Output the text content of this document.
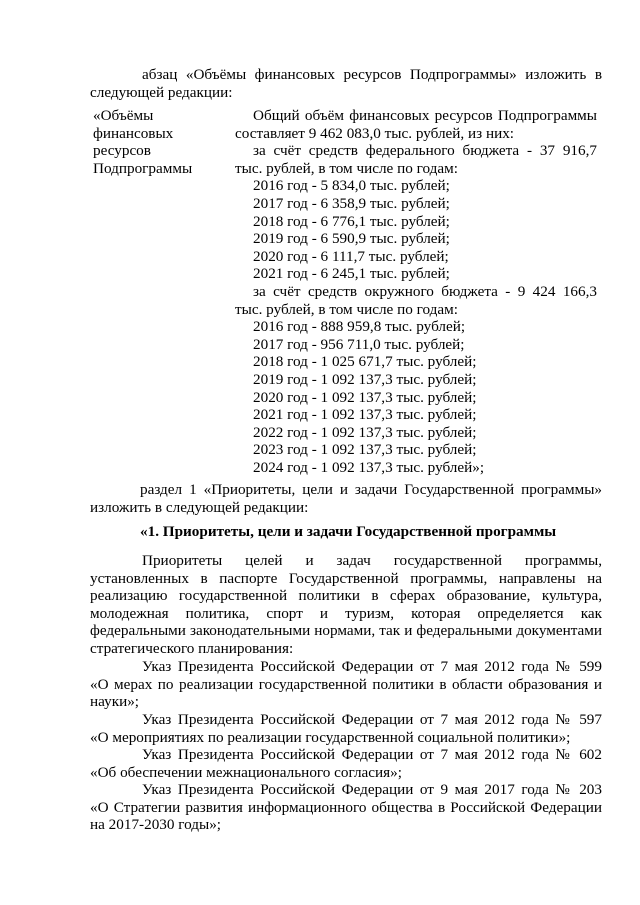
абзац «Объёмы финансовых ресурсов Подпрограммы» изложить в
следующей редакции:
«Объёмы
финансовых
ресурсов
Подпрограммы
Общий объём финансовых ресурсов Подпрограммы
составляет 9 462 083,0 тыс. рублей, из них:
за счёт средств федерального бюджета - 37 916,7
тыс. рублей, в том числе по годам:
2016 год - 5 834,0 тыс. рублей;
2017 год - 6 358,9 тыс. рублей;
2018 год - 6 776,1 тыс. рублей;
2019 год - 6 590,9 тыс. рублей;
2020 год - 6 111,7 тыс. рублей;
2021 год - 6 245,1 тыс. рублей;
за счёт средств окружного бюджета - 9 424 166,3
тыс. рублей, в том числе по годам:
2016 год - 888 959,8 тыс. рублей;
2017 год - 956 711,0 тыс. рублей;
2018 год - 1 025 671,7 тыс. рублей;
2019 год - 1 092 137,3 тыс. рублей;
2020 год - 1 092 137,3 тыс. рублей;
2021 год - 1 092 137,3 тыс. рублей;
2022 год - 1 092 137,3 тыс. рублей;
2023 год - 1 092 137,3 тыс. рублей;
2024 год - 1 092 137,3 тыс. рублей»;
раздел 1 «Приоритеты, цели и задачи Государственной программы»
изложить в следующей редакции:
«1. Приоритеты, цели и задачи Государственной программы
Приоритеты целей и задач государственной программы,
установленных в паспорте Государственной программы, направлены на
реализацию государственной политики в сферах образование, культура,
молодежная политика, спорт и туризм, которая определяется как
федеральными законодательными нормами, так и федеральными документами
стратегического планирования:
Указ Президента Российской Федерации от 7 мая 2012 года № 599
«О мерах по реализации государственной политики в области образования и
науки»;
Указ Президента Российской Федерации от 7 мая 2012 года № 597
«О мероприятиях по реализации государственной социальной политики»;
Указ Президента Российской Федерации от 7 мая 2012 года № 602
«Об обеспечении межнационального согласия»;
Указ Президента Российской Федерации от 9 мая 2017 года № 203
«О Стратегии развития информационного общества в Российской Федерации
на 2017-2030 годы»;
